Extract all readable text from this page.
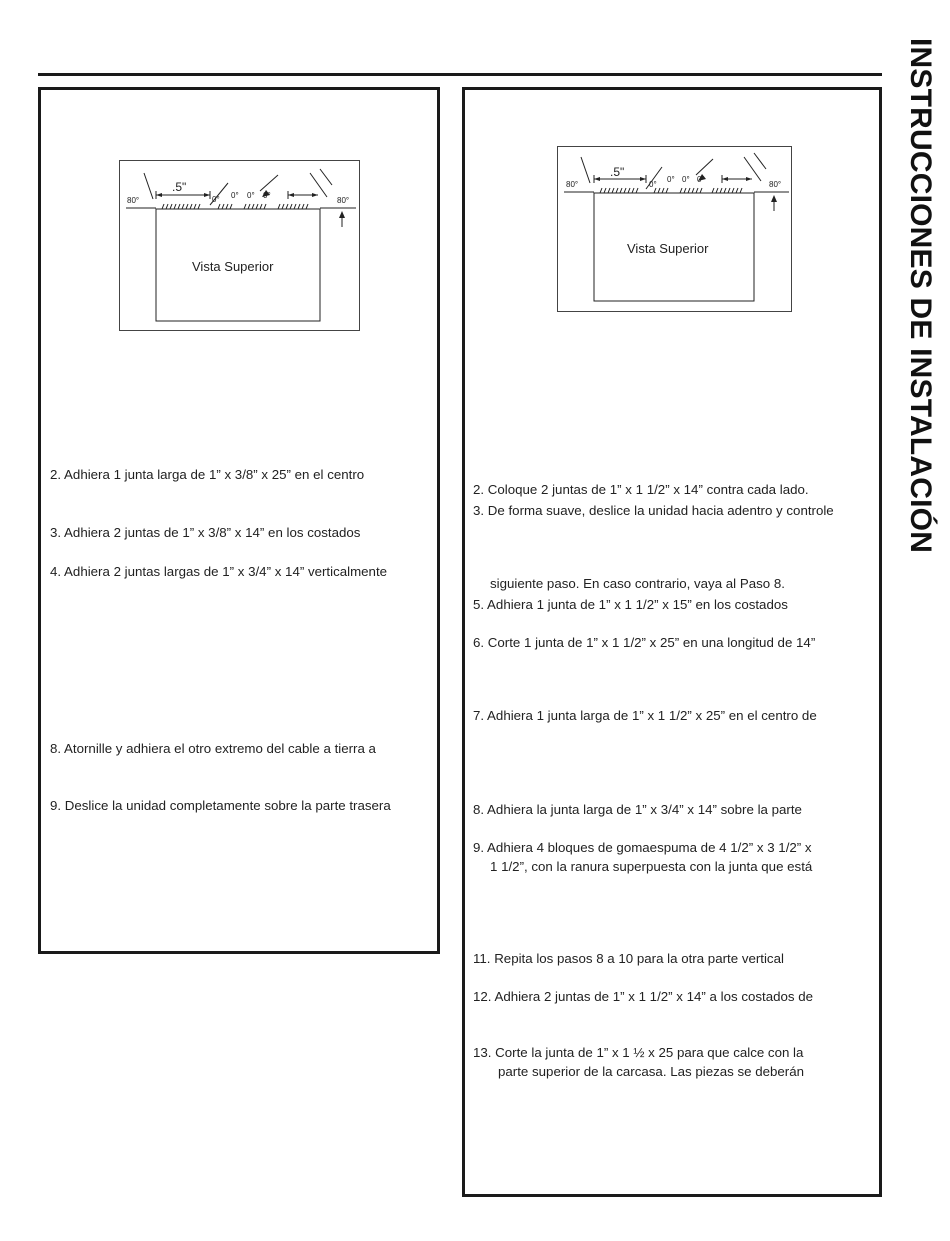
INSTRUCCIONES DE INSTALACIÓN
Vista Superior
.5"
80°	80°
0° 0° 0° 0°
2. Adhiera 1 junta larga de 1” x 3/8” x 25” en el centro
3. Adhiera 2 juntas de 1” x 3/8” x 14” en los costados
4. Adhiera 2 juntas largas de 1” x 3/4” x 14” verticalmente
8. Atornille y adhiera el otro extremo del cable a tierra a
9. Deslice la unidad completamente sobre la parte trasera
Vista Superior
.5"
80°	80°
0°
0° 0° 0°
2. Coloque 2 juntas de 1” x 1 1/2” x 14” contra cada lado.
3. De forma suave, deslice la unidad hacia adentro y controle
siguiente paso. En caso contrario, vaya al Paso 8.
5. Adhiera 1 junta de 1” x 1 1/2” x 15” en los costados
6. Corte 1 junta de 1” x 1 1/2” x 25” en una longitud de 14”
7. Adhiera 1 junta larga de 1” x 1 1/2” x 25” en el centro de
8. Adhiera la junta larga de 1” x 3/4” x 14” sobre la parte
9. Adhiera 4 bloques de gomaespuma de 4 1/2” x 3 1/2” x
1 1/2”, con la ranura superpuesta con la junta que está
11. Repita los pasos 8 a 10 para la otra parte vertical
12. Adhiera 2 juntas de 1” x 1 1/2” x 14” a los costados de
13. Corte la junta de 1” x 1 ½ x 25 para que calce con la
parte superior de la carcasa. Las piezas se deberán
